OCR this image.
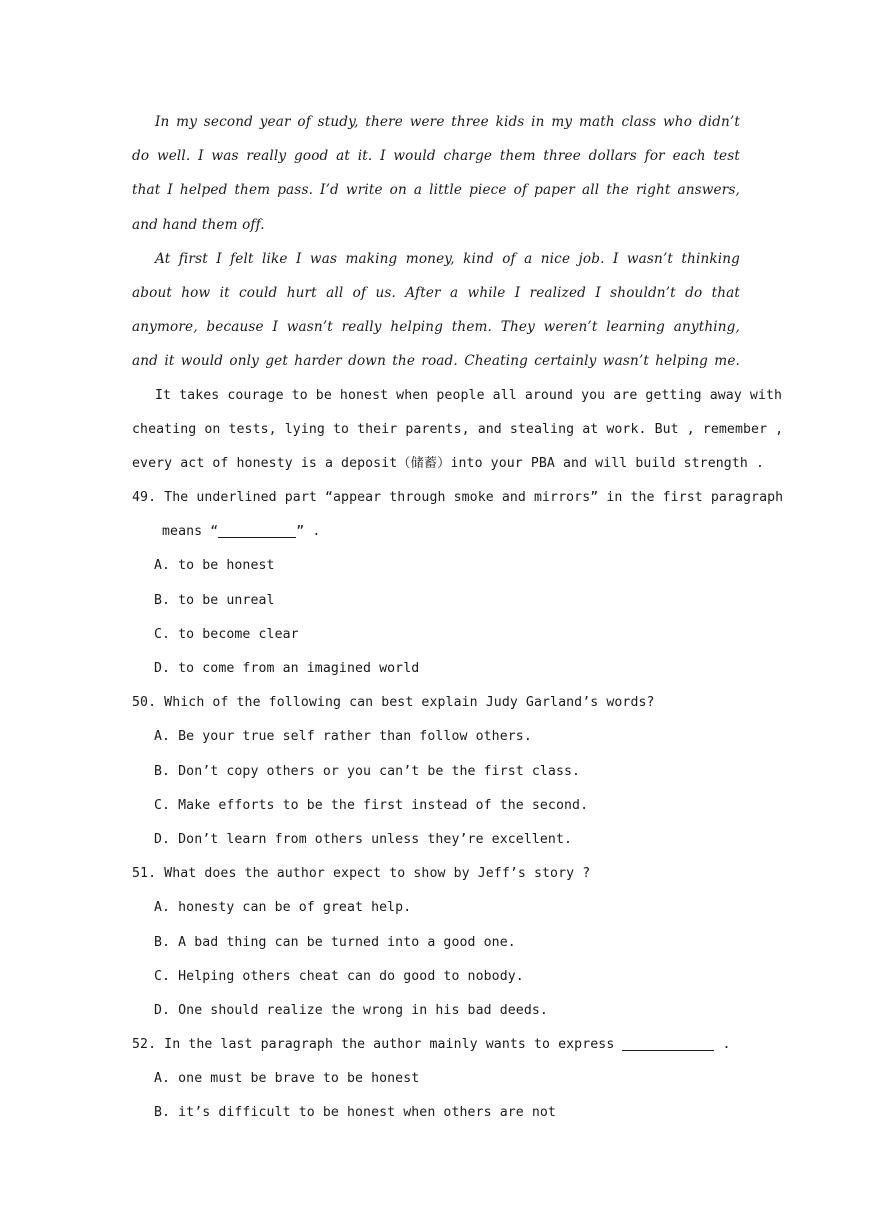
In my second year of study, there were three kids in my math class who didn’t
do well. I was really good at it. I would charge them three dollars for each test
that I helped them pass. I’d write on a little piece of paper all the right answers,
and hand them off.
At first I felt like I was making money, kind of a nice job. I wasn’t thinking
about how it could hurt all of us. After a while I realized I shouldn’t do that
anymore, because I wasn’t really helping them. They weren’t learning anything,
and it would only get harder down the road. Cheating certainly wasn’t helping me.
It takes courage to be honest when people all around you are getting away with
cheating on tests, lying to their parents, and stealing at work. But , remember ,
every act of honesty is a deposit（储蓄）into your PBA and will build strength .
49. The underlined part “appear through smoke and mirrors” in the first paragraph
means “	” .
A. to be honest
B. to be unreal
C. to become clear
D. to come from an imagined world
50. Which of the following can best explain Judy Garland’s words?
A. Be your true self rather than follow others.
B. Don’t copy others or you can’t be the first class.
C. Make efforts to be the first instead of the second.
D. Don’t learn from others unless they’re excellent.
51. What does the author expect to show by Jeff’s story ?
A. honesty can be of great help.
B. A bad thing can be turned into a good one.
C. Helping others cheat can do good to nobody.
D. One should realize the wrong in his bad deeds.
52. In the last paragraph the author mainly wants to express	.
A. one must be brave to be honest
B. it’s difficult to be honest when others are not
